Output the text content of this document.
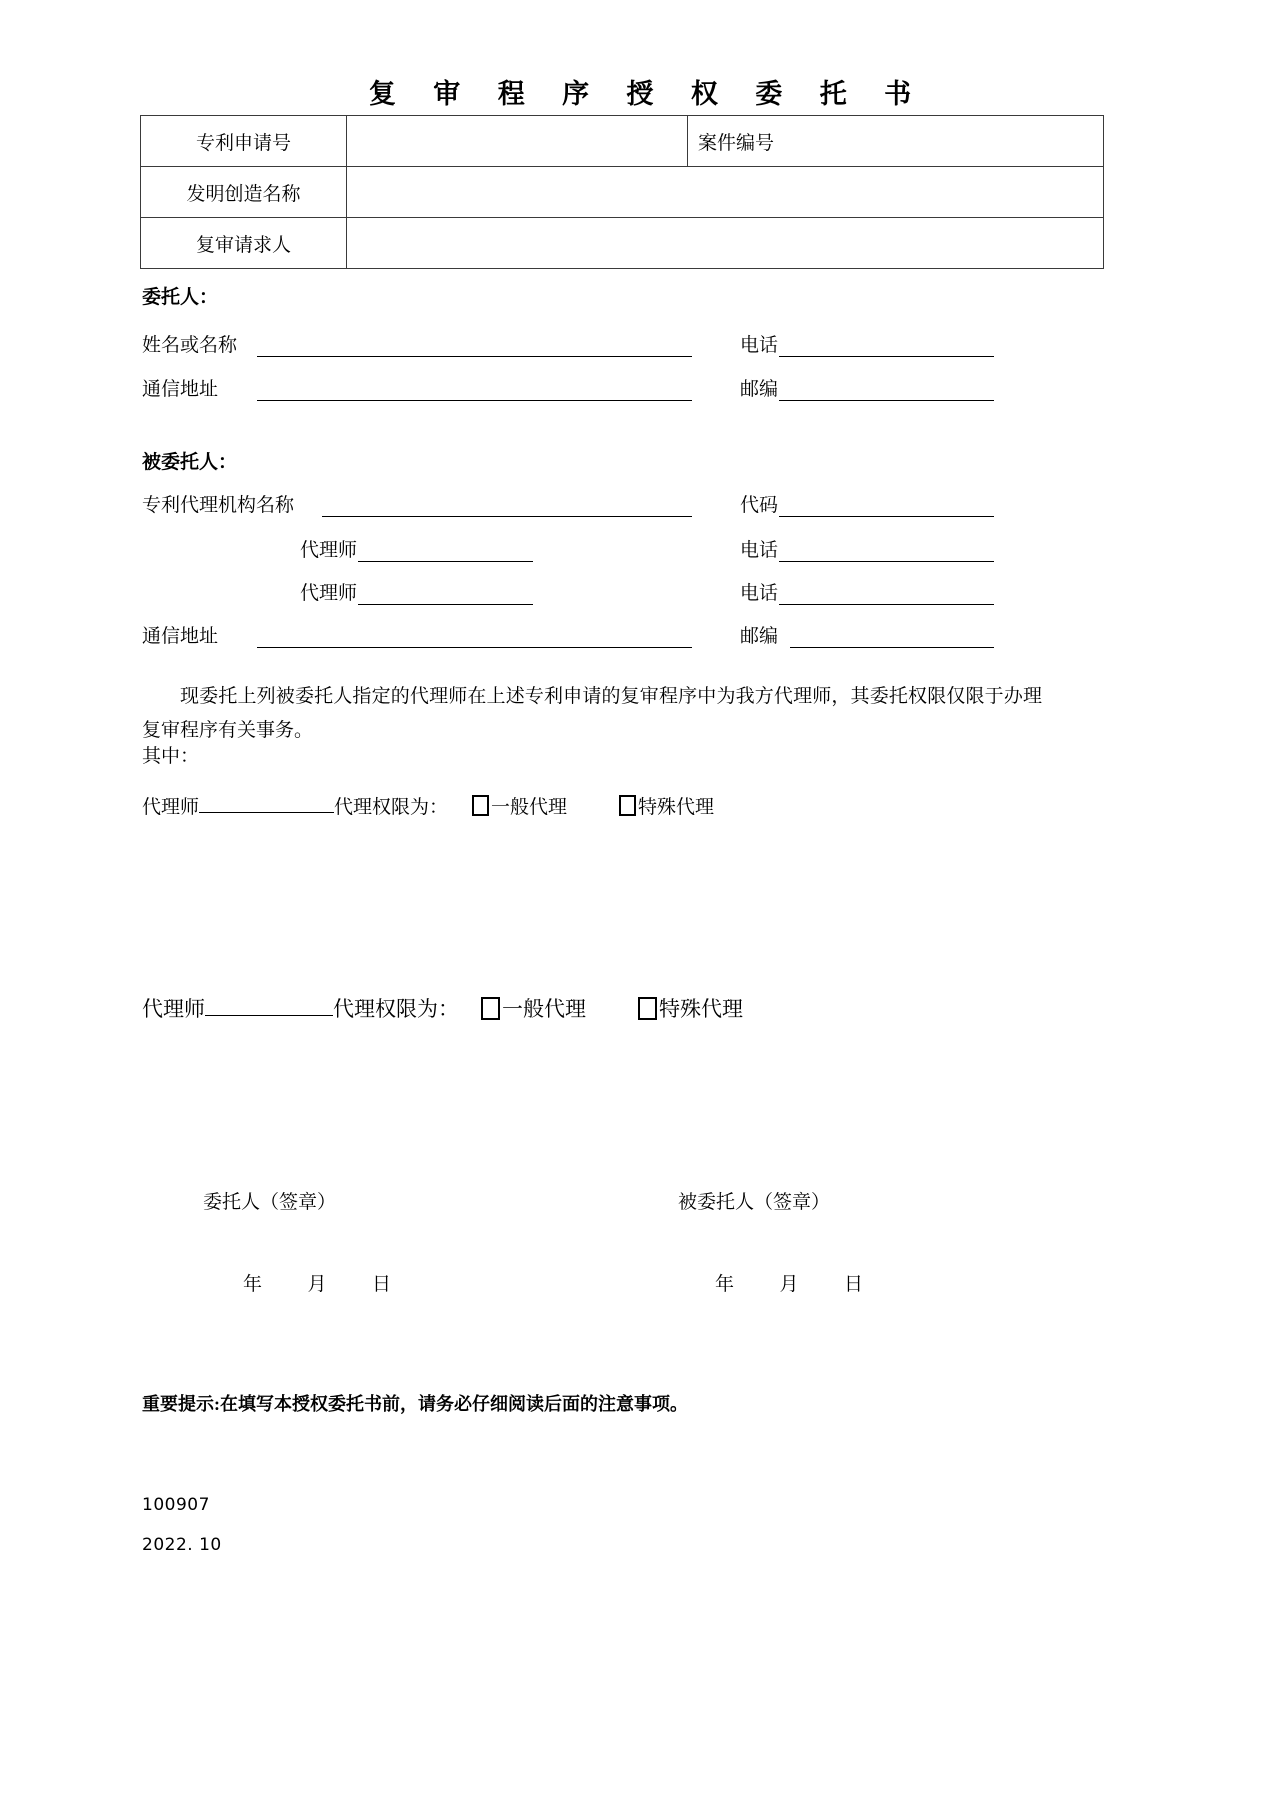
复 审 程 序 授 权 委 托 书
专利申请号		案件编号
发明创造名称		
复审请求人		
委托人：
姓名或名称	电话
通信地址	邮编
被委托人：
专利代理机构名称	代码
代理师	电话
代理师	电话
通信地址	邮编
现委托上列被委托人指定的代理师在上述专利申请的复审程序中为我方代理师，其委托权限仅限于办理复审程序有关事务。
其中：
代理师	代理权限为： 一般代理	特殊代理
代理师	代理权限为： 一般代理	特殊代理
委托人（签章）	被委托人（签章）
年 月 日	年 月 日
重要提示:在填写本授权委托书前，请务必仔细阅读后面的注意事项。
100907
2022. 10
